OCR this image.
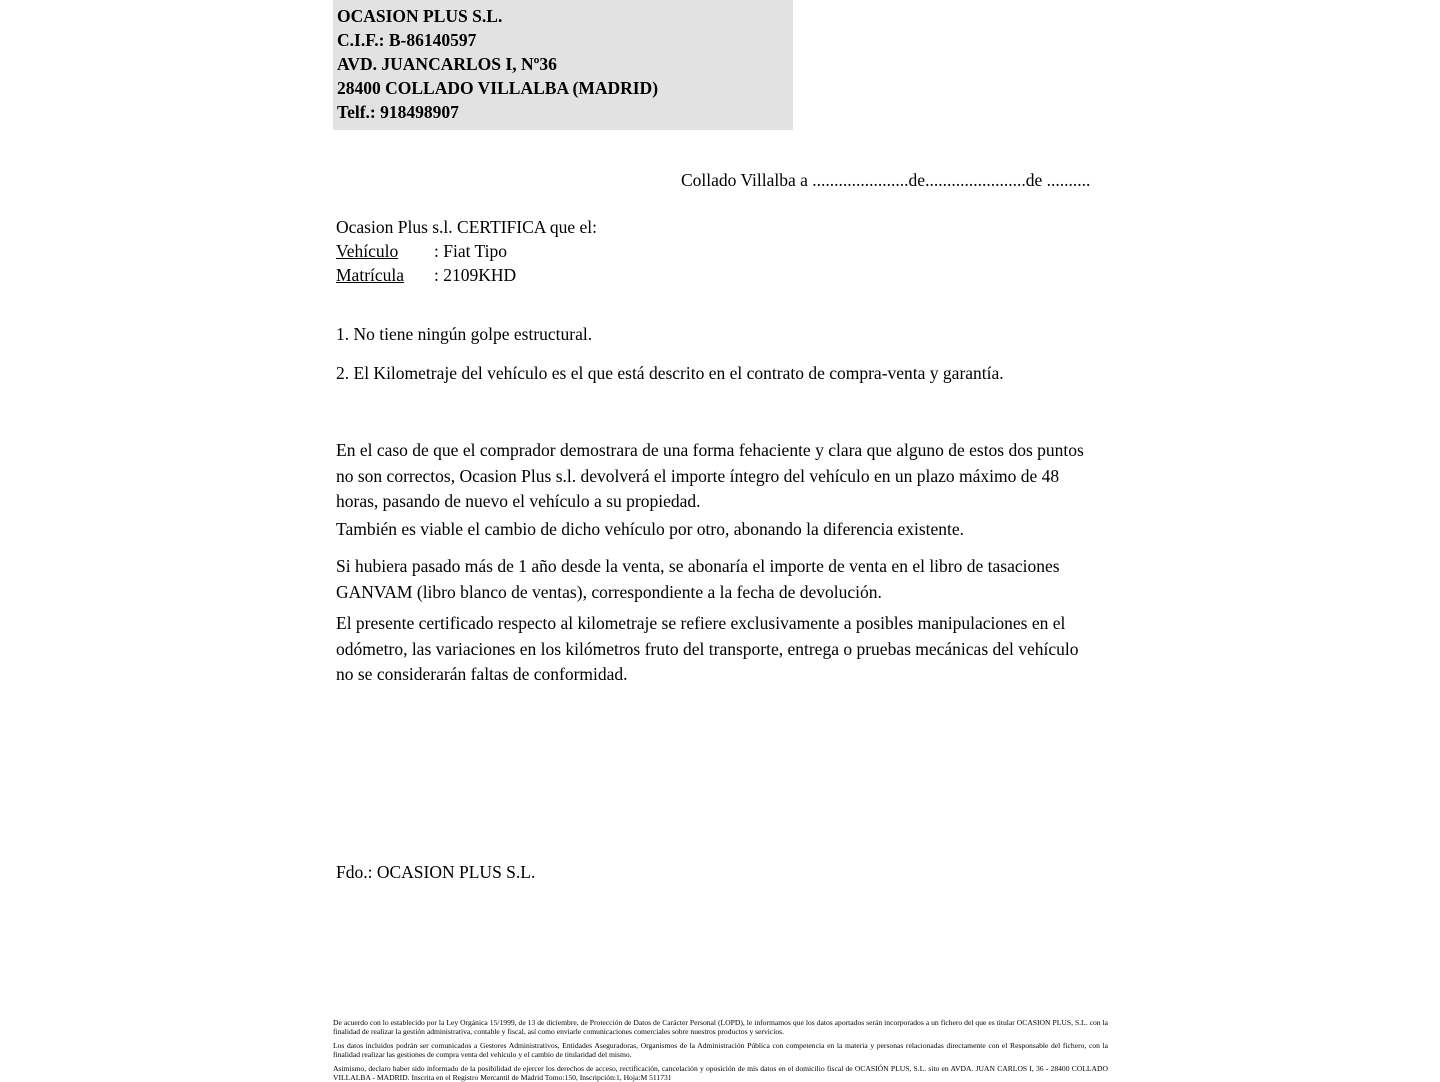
OCASION PLUS S.L.
C.I.F.: B-86140597
AVD. JUANCARLOS I, Nº36
28400 COLLADO VILLALBA (MADRID)
Telf.: 918498907
Collado Villalba a ......................de.......................de ..........
Ocasion Plus s.l. CERTIFICA que el:
Vehículo : Fiat Tipo
Matrícula : 2109KHD
1. No tiene ningún golpe estructural.
2. El Kilometraje del vehículo es el que está descrito en el contrato de compra-venta y garantía.
En el caso de que el comprador demostrara de una forma fehaciente y clara que alguno de estos dos puntos no son correctos, Ocasion Plus s.l. devolverá el importe íntegro del vehículo en un plazo máximo de 48 horas, pasando de nuevo el vehículo a su propiedad.
También es viable el cambio de dicho vehículo por otro, abonando la diferencia existente.
Si hubiera pasado más de 1 año desde la venta, se abonaría el importe de venta en el libro de tasaciones GANVAM (libro blanco de ventas), correspondiente a la fecha de devolución.
El presente certificado respecto al kilometraje se refiere exclusivamente a posibles manipulaciones en el odómetro, las variaciones en los kilómetros fruto del transporte, entrega o pruebas mecánicas del vehículo no se considerarán faltas de conformidad.
Fdo.: OCASION PLUS S.L.

De acuerdo con lo establecido por la Ley Orgánica 15/1999, de 13 de diciembre, de Protección de Datos de Carácter Personal (LOPD), le informamos que los datos aportados serán incorporados a un fichero del que es titular OCASION PLUS, S.L. con la finalidad de realizar la gestión administrativa, contable y fiscal, así como enviarle comunicaciones comerciales sobre nuestros productos y servicios.

Los datos incluidos podrán ser comunicados a Gestores Administrativos, Entidades Aseguradoras, Organismos de la Administración Pública con competencia en la materia y personas relacionadas directamente con el Responsable del fichero, con la finalidad realizar las gestiones de compra venta del vehículo y el cambio de titularidad del mismo.

Asimismo, declaro haber sido informado de la posibilidad de ejercer los derechos de acceso, rectificación, cancelación y oposición de mis datos en el domicilio fiscal de OCASIÓN PLUS, S.L. sito en AVDA. JUAN CARLOS I, 36 - 28400 COLLADO VILLALBA - MADRID. Inscrita en el Registro Mercantil de Madrid Tomo:150, Inscripción:1, Hoja:M 511731
